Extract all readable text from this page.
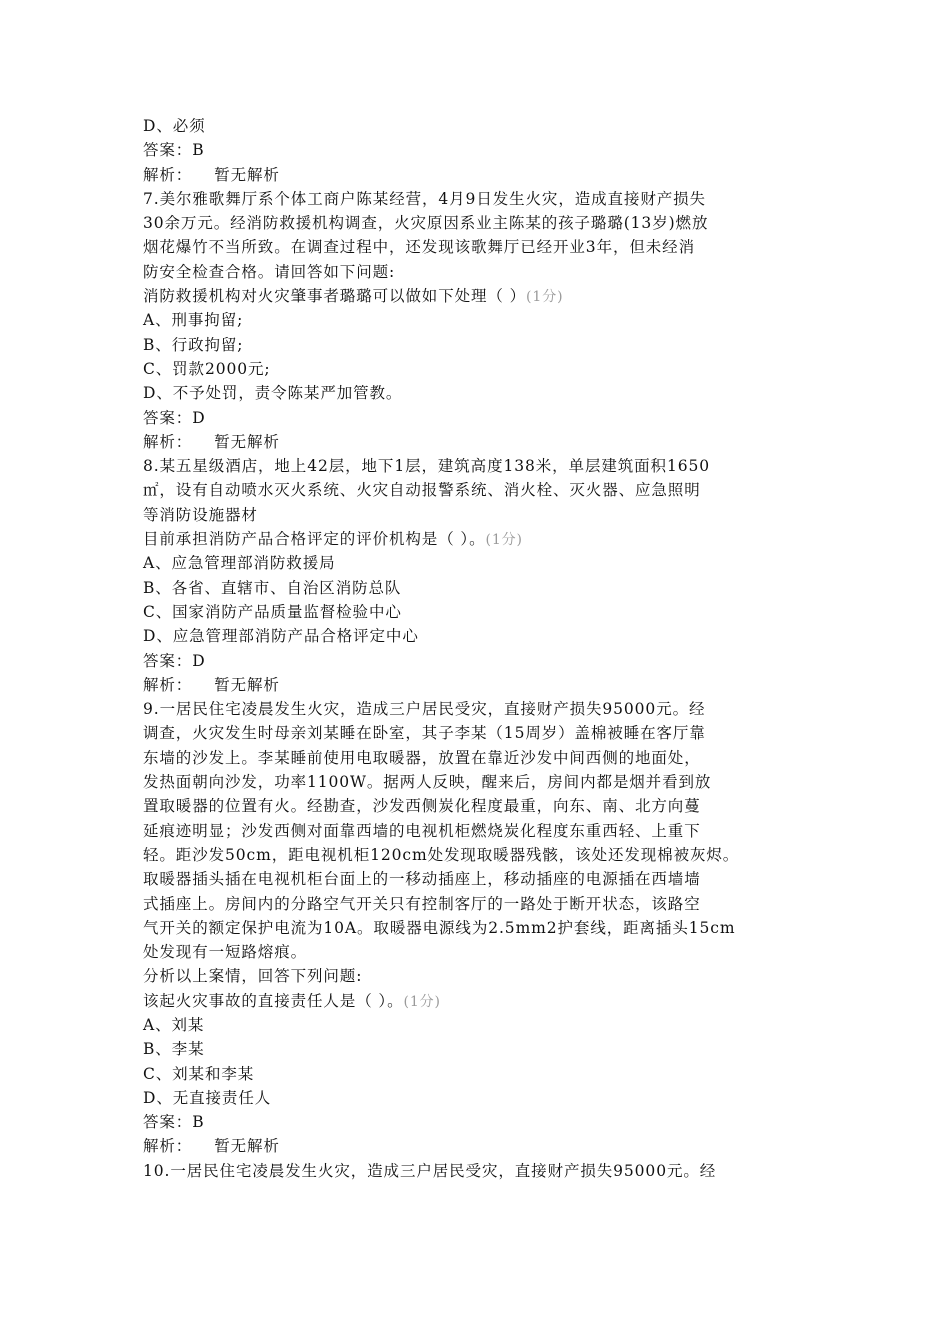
D、必须
答案：B
解析： 暂无解析
7.美尔雅歌舞厅系个体工商户陈某经营，4月9日发生火灾，造成直接财产损失
30余万元。经消防救援机构调查，火灾原因系业主陈某的孩子璐璐(13岁)燃放
烟花爆竹不当所致。在调查过程中，还发现该歌舞厅已经开业3年，但未经消
防安全检查合格。请回答如下问题:
消防救援机构对火灾肇事者璐璐可以做如下处理（ ）(1分)
A、刑事拘留;
B、行政拘留;
C、罚款2000元;
D、不予处罚，责令陈某严加管教。
答案：D
解析： 暂无解析
8.某五星级酒店，地上42层，地下1层，建筑高度138米，单层建筑面积1650
㎡，设有自动喷水灭火系统、火灾自动报警系统、消火栓、灭火器、应急照明
等消防设施器材
目前承担消防产品合格评定的评价机构是（ ）。(1分)
A、应急管理部消防救援局
B、各省、直辖市、自治区消防总队
C、国家消防产品质量监督检验中心
D、应急管理部消防产品合格评定中心
答案：D
解析： 暂无解析
9.一居民住宅凌晨发生火灾，造成三户居民受灾，直接财产损失95000元。经
调查，火灾发生时母亲刘某睡在卧室，其子李某（15周岁）盖棉被睡在客厅靠
东墙的沙发上。李某睡前使用电取暖器，放置在靠近沙发中间西侧的地面处，
发热面朝向沙发，功率1100W。据两人反映，醒来后，房间内都是烟并看到放
置取暖器的位置有火。经勘查，沙发西侧炭化程度最重，向东、南、北方向蔓
延痕迹明显；沙发西侧对面靠西墙的电视机柜燃烧炭化程度东重西轻、上重下
轻。距沙发50cm，距电视机柜120cm处发现取暖器残骸，该处还发现棉被灰烬。
取暖器插头插在电视机柜台面上的一移动插座上，移动插座的电源插在西墙墙
式插座上。房间内的分路空气开关只有控制客厅的一路处于断开状态，该路空
气开关的额定保护电流为10A。取暖器电源线为2.5mm2护套线，距离插头15cm
处发现有一短路熔痕。
分析以上案情，回答下列问题:
该起火灾事故的直接责任人是（ ）。(1分)
A、刘某
B、李某
C、刘某和李某
D、无直接责任人
答案：B
解析： 暂无解析
10.一居民住宅凌晨发生火灾，造成三户居民受灾，直接财产损失95000元。经
